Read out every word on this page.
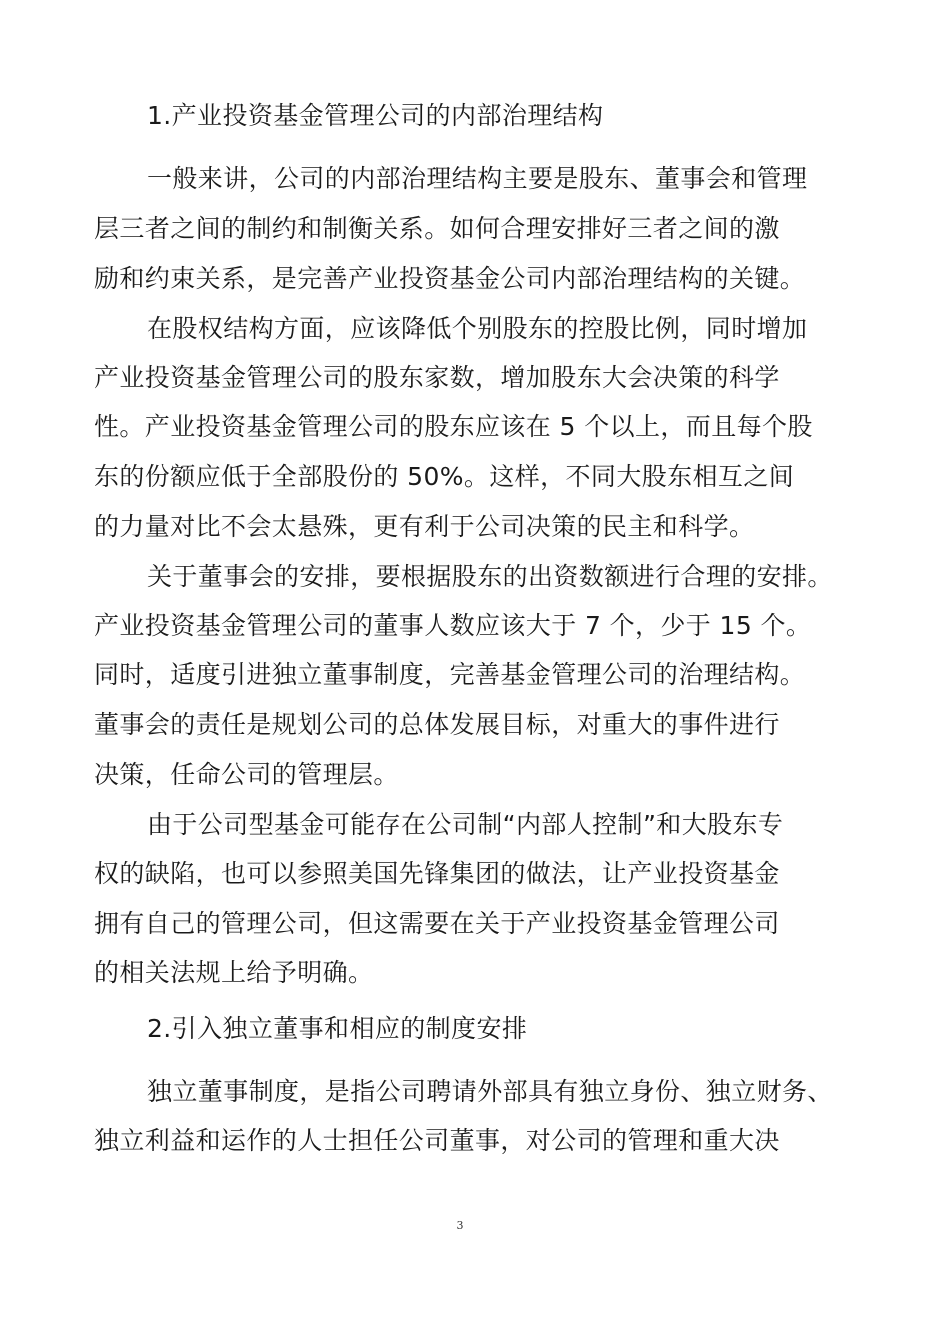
1.产业投资基金管理公司的内部治理结构
一般来讲，公司的内部治理结构主要是股东、董事会和管理
层三者之间的制约和制衡关系。如何合理安排好三者之间的激
励和约束关系，是完善产业投资基金公司内部治理结构的关键。
在股权结构方面，应该降低个别股东的控股比例，同时增加
产业投资基金管理公司的股东家数，增加股东大会决策的科学
性。产业投资基金管理公司的股东应该在 5 个以上，而且每个股
东的份额应低于全部股份的 50%。这样，不同大股东相互之间
的力量对比不会太悬殊，更有利于公司决策的民主和科学。
关于董事会的安排，要根据股东的出资数额进行合理的安排。
产业投资基金管理公司的董事人数应该大于 7 个，少于 15 个。
同时，适度引进独立董事制度，完善基金管理公司的治理结构。
董事会的责任是规划公司的总体发展目标，对重大的事件进行
决策，任命公司的管理层。
由于公司型基金可能存在公司制“内部人控制”和大股东专
权的缺陷，也可以参照美国先锋集团的做法，让产业投资基金
拥有自己的管理公司，但这需要在关于产业投资基金管理公司
的相关法规上给予明确。
2.引入独立董事和相应的制度安排
独立董事制度，是指公司聘请外部具有独立身份、独立财务、
独立利益和运作的人士担任公司董事，对公司的管理和重大决
3
